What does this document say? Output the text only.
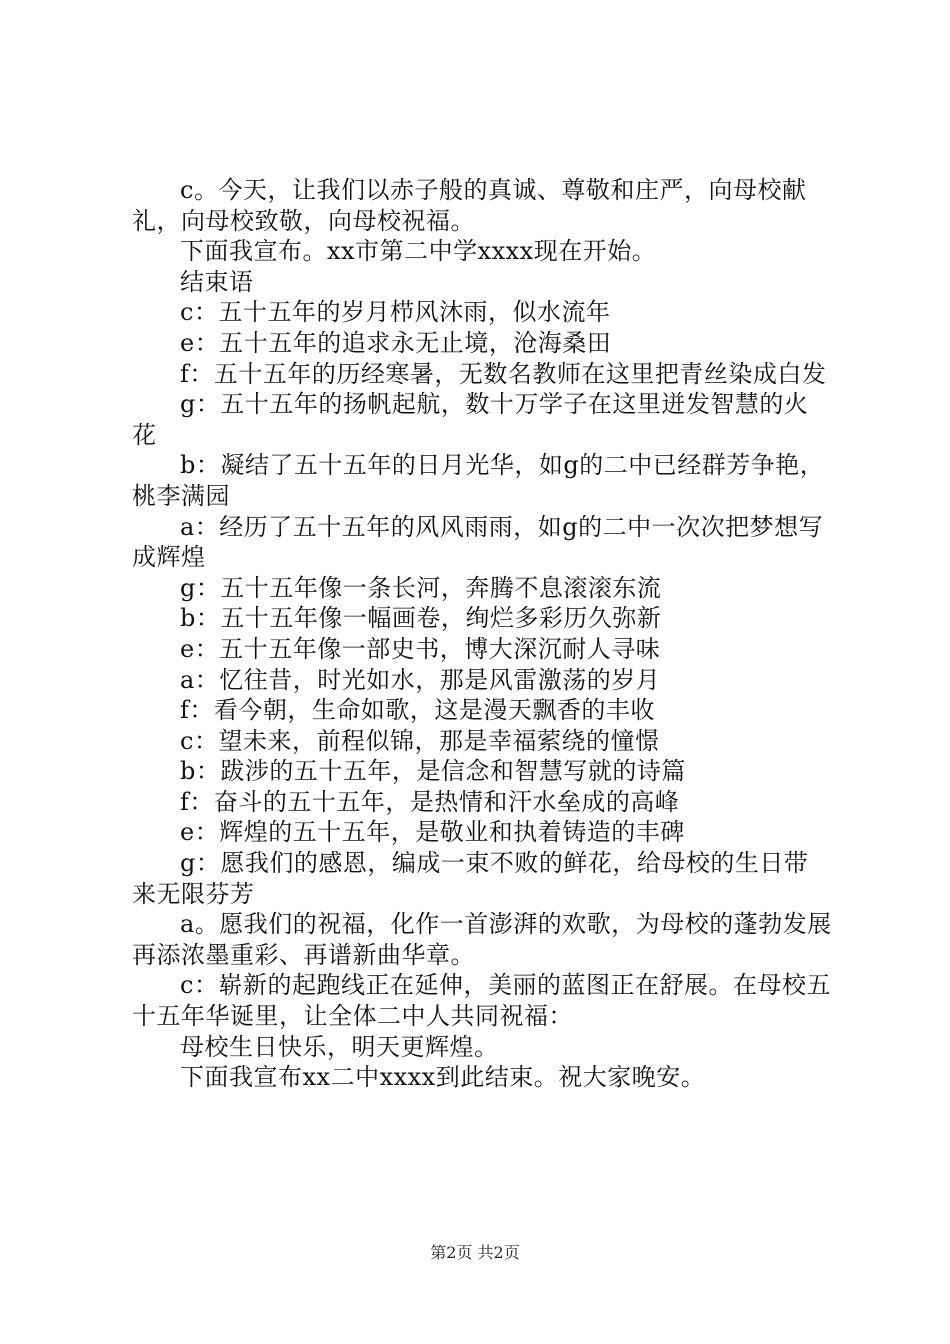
c。今天，让我们以赤子般的真诚、尊敬和庄严，向母校献礼，向母校致敬，向母校祝福。

下面我宣布。xx市第二中学xxxx现在开始。

结束语

c：五十五年的岁月栉风沐雨，似水流年

e：五十五年的追求永无止境，沧海桑田

f：五十五年的历经寒暑，无数名教师在这里把青丝染成白发

g：五十五年的扬帆起航，数十万学子在这里迸发智慧的火花

b：凝结了五十五年的日月光华，如g的二中已经群芳争艳，桃李满园

a：经历了五十五年的风风雨雨，如g的二中一次次把梦想写成辉煌

g：五十五年像一条长河，奔腾不息滚滚东流

b：五十五年像一幅画卷，绚烂多彩历久弥新

e：五十五年像一部史书，博大深沉耐人寻味

a：忆往昔，时光如水，那是风雷激荡的岁月

f：看今朝，生命如歌，这是漫天飘香的丰收

c：望未来，前程似锦，那是幸福萦绕的憧憬

b：跋涉的五十五年，是信念和智慧写就的诗篇

f：奋斗的五十五年，是热情和汗水垒成的高峰

e：辉煌的五十五年，是敬业和执着铸造的丰碑

g：愿我们的感恩，编成一束不败的鲜花，给母校的生日带来无限芬芳

a。愿我们的祝福，化作一首澎湃的欢歌，为母校的蓬勃发展再添浓墨重彩、再谱新曲华章。

c：崭新的起跑线正在延伸，美丽的蓝图正在舒展。在母校五十五年华诞里，让全体二中人共同祝福：

母校生日快乐，明天更辉煌。

下面我宣布xx二中xxxx到此结束。祝大家晚安。

第2页 共2页
